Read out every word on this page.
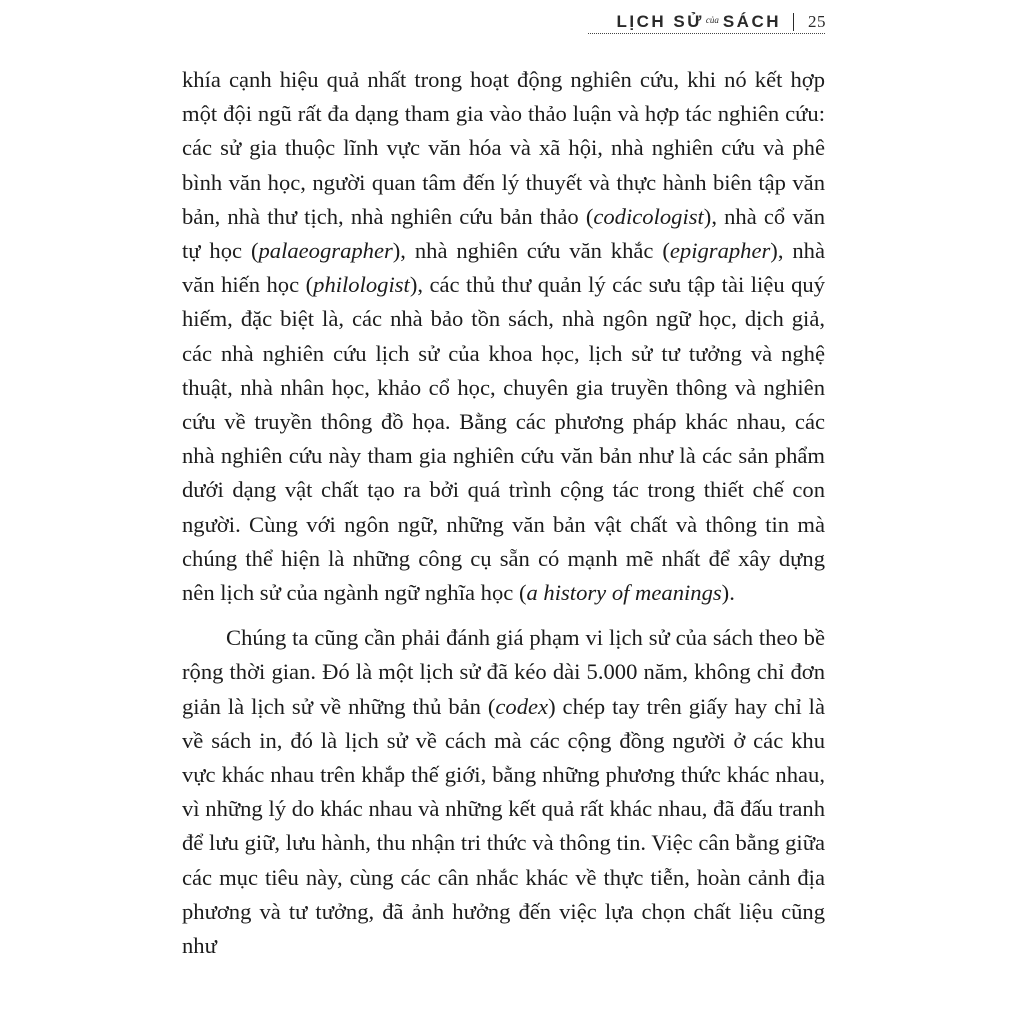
LỊCH SỬ của SÁCH 25

khía cạnh hiệu quả nhất trong hoạt động nghiên cứu, khi nó kết hợp một đội ngũ rất đa dạng tham gia vào thảo luận và hợp tác nghiên cứu: các sử gia thuộc lĩnh vực văn hóa và xã hội, nhà nghiên cứu và phê bình văn học, người quan tâm đến lý thuyết và thực hành biên tập văn bản, nhà thư tịch, nhà nghiên cứu bản thảo (codicologist), nhà cổ văn tự học (palaeographer), nhà nghiên cứu văn khắc (epigrapher), nhà văn hiến học (philologist), các thủ thư quản lý các sưu tập tài liệu quý hiếm, đặc biệt là, các nhà bảo tồn sách, nhà ngôn ngữ học, dịch giả, các nhà nghiên cứu lịch sử của khoa học, lịch sử tư tưởng và nghệ thuật, nhà nhân học, khảo cổ học, chuyên gia truyền thông và nghiên cứu về truyền thông đồ họa. Bằng các phương pháp khác nhau, các nhà nghiên cứu này tham gia nghiên cứu văn bản như là các sản phẩm dưới dạng vật chất tạo ra bởi quá trình cộng tác trong thiết chế con người. Cùng với ngôn ngữ, những văn bản vật chất và thông tin mà chúng thể hiện là những công cụ sẵn có mạnh mẽ nhất để xây dựng nên lịch sử của ngành ngữ nghĩa học (a history of meanings).

Chúng ta cũng cần phải đánh giá phạm vi lịch sử của sách theo bề rộng thời gian. Đó là một lịch sử đã kéo dài 5.000 năm, không chỉ đơn giản là lịch sử về những thủ bản (codex) chép tay trên giấy hay chỉ là về sách in, đó là lịch sử về cách mà các cộng đồng người ở các khu vực khác nhau trên khắp thế giới, bằng những phương thức khác nhau, vì những lý do khác nhau và những kết quả rất khác nhau, đã đấu tranh để lưu giữ, lưu hành, thu nhận tri thức và thông tin. Việc cân bằng giữa các mục tiêu này, cùng các cân nhắc khác về thực tiễn, hoàn cảnh địa phương và tư tưởng, đã ảnh hưởng đến việc lựa chọn chất liệu cũng như
